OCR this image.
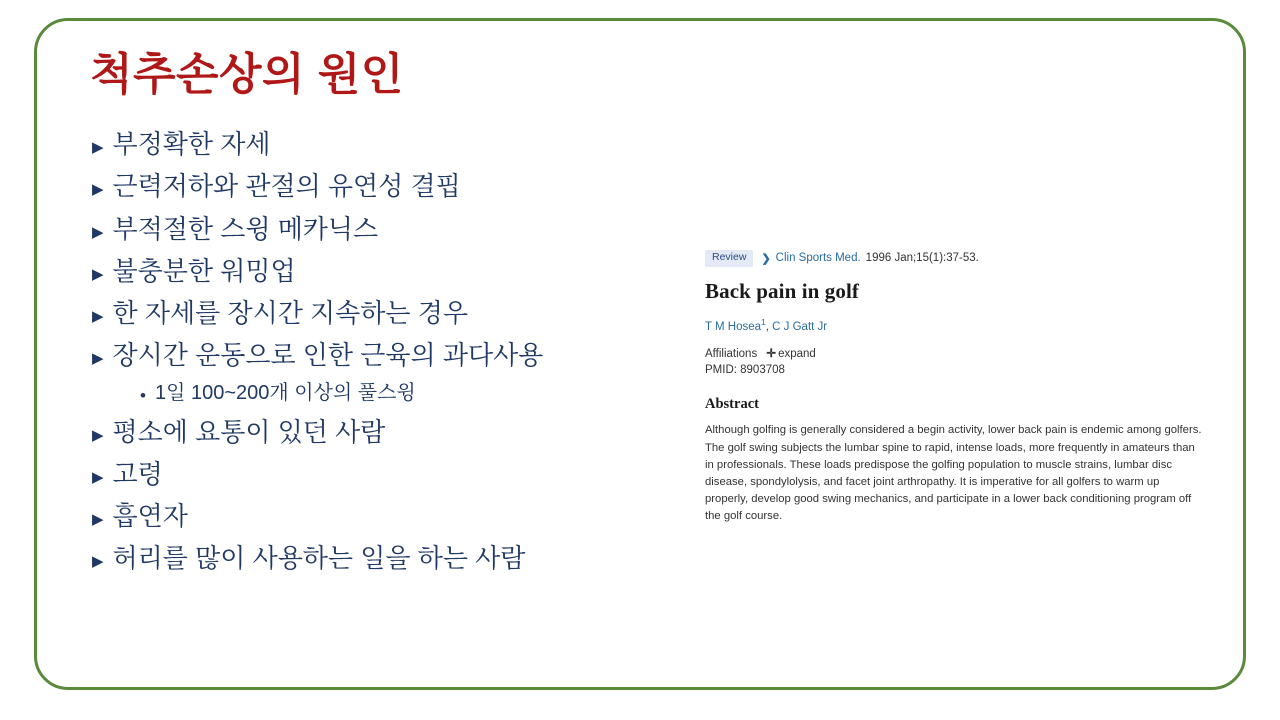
척추손상의 원인
▶ 부정확한 자세
▶ 근력저하와 관절의 유연성 결핍
▶ 부적절한 스윙 메카닉스
▶ 불충분한 워밍업
▶ 한 자세를 장시간 지속하는 경우
▶ 장시간 운동으로 인한 근육의 과다사용
• 1일 100~200개 이상의 풀스윙
▶ 평소에 요통이 있던 사람
▶ 고령
▶ 흡연자
▶ 허리를 많이 사용하는 일을 하는 사람
Review	❯ Clin Sports Med. 1996 Jan;15(1):37-53.
Back pain in golf
T M Hosea$^1$, C J Gatt Jr
Affiliations ✛ expand
PMID: 8903708
Abstract
Although golfing is generally considered a begin activity, lower back pain is endemic among golfers. The golf swing subjects the lumbar spine to rapid, intense loads, more frequently in amateurs than in professionals. These loads predispose the golfing population to muscle strains, lumbar disc disease, spondylolysis, and facet joint arthropathy. It is imperative for all golfers to warm up properly, develop good swing mechanics, and participate in a lower back conditioning program off the golf course.
